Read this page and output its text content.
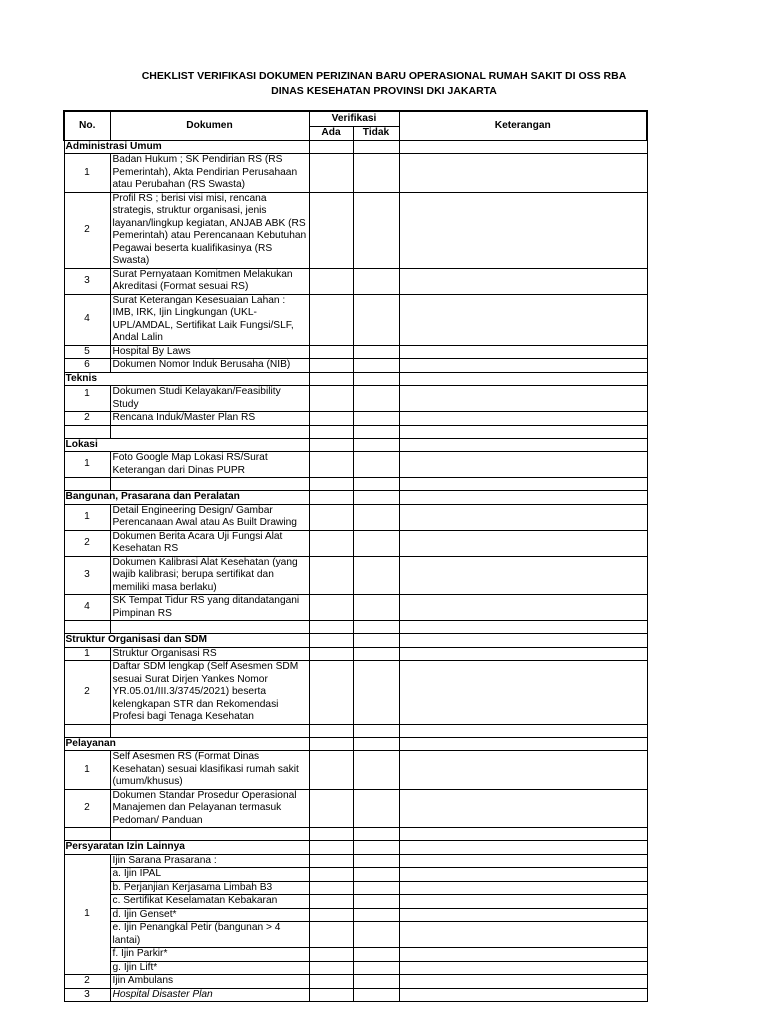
CHEKLIST VERIFIKASI DOKUMEN PERIZINAN BARU OPERASIONAL RUMAH SAKIT DI OSS RBA
DINAS KESEHATAN PROVINSI DKI JAKARTA
No.	Dokumen	Verifikasi		Keterangan
		Ada	Tidak	
Administrasi Umum				
1	Badan Hukum ; SK Pendirian RS (RS Pemerintah), Akta Pendirian Perusahaan atau Perubahan (RS Swasta)			
2	Profil RS ; berisi visi misi, rencana strategis, struktur organisasi, jenis layanan/lingkup kegiatan, ANJAB ABK (RS Pemerintah) atau Perencanaan Kebutuhan Pegawai beserta kualifikasinya (RS Swasta)			
3	Surat Pernyataan Komitmen Melakukan Akreditasi (Format sesuai RS)			
4	Surat Keterangan Kesesuaian Lahan : IMB, IRK, Ijin Lingkungan (UKL-UPL/AMDAL, Sertifikat Laik Fungsi/SLF, Andal Lalin			
5	Hospital By Laws			
6	Dokumen Nomor Induk Berusaha (NIB)			
Teknis				
1	Dokumen Studi Kelayakan/Feasibility Study			
2	Rencana Induk/Master Plan RS			

Lokasi				
1	Foto Google Map Lokasi RS/Surat Keterangan dari Dinas PUPR			

Bangunan, Prasarana dan Peralatan				
1	Detail Engineering Design/ Gambar Perencanaan Awal atau As Built Drawing			
2	Dokumen Berita Acara Uji Fungsi Alat Kesehatan RS			
3	Dokumen Kalibrasi Alat Kesehatan (yang wajib kalibrasi; berupa sertifikat dan memiliki masa berlaku)			
4	SK Tempat Tidur RS yang ditandatangani Pimpinan RS			

Struktur Organisasi dan SDM				
1	Struktur Organisasi RS			
2	Daftar SDM lengkap (Self Asesmen SDM sesuai Surat Dirjen Yankes Nomor YR.05.01/III.3/3745/2021) beserta kelengkapan STR dan Rekomendasi Profesi bagi Tenaga Kesehatan			

Pelayanan				
1	Self Asesmen RS (Format Dinas Kesehatan) sesuai klasifikasi rumah sakit (umum/khusus)			
2	Dokumen Standar Prosedur Operasional Manajemen dan Pelayanan termasuk Pedoman/ Panduan			

Persyaratan Izin Lainnya				
1	Ijin Sarana Prasarana :			
	a. Ijin IPAL			
	b. Perjanjian Kerjasama Limbah B3			
	c. Sertifikat Keselamatan Kebakaran			
	d. Ijin Genset*			
	e. Ijin Penangkal Petir (bangunan > 4 lantai)			
	f. Ijin Parkir*			
	g. Ijin Lift*			
2	Ijin Ambulans			
3	Hospital Disaster Plan			
